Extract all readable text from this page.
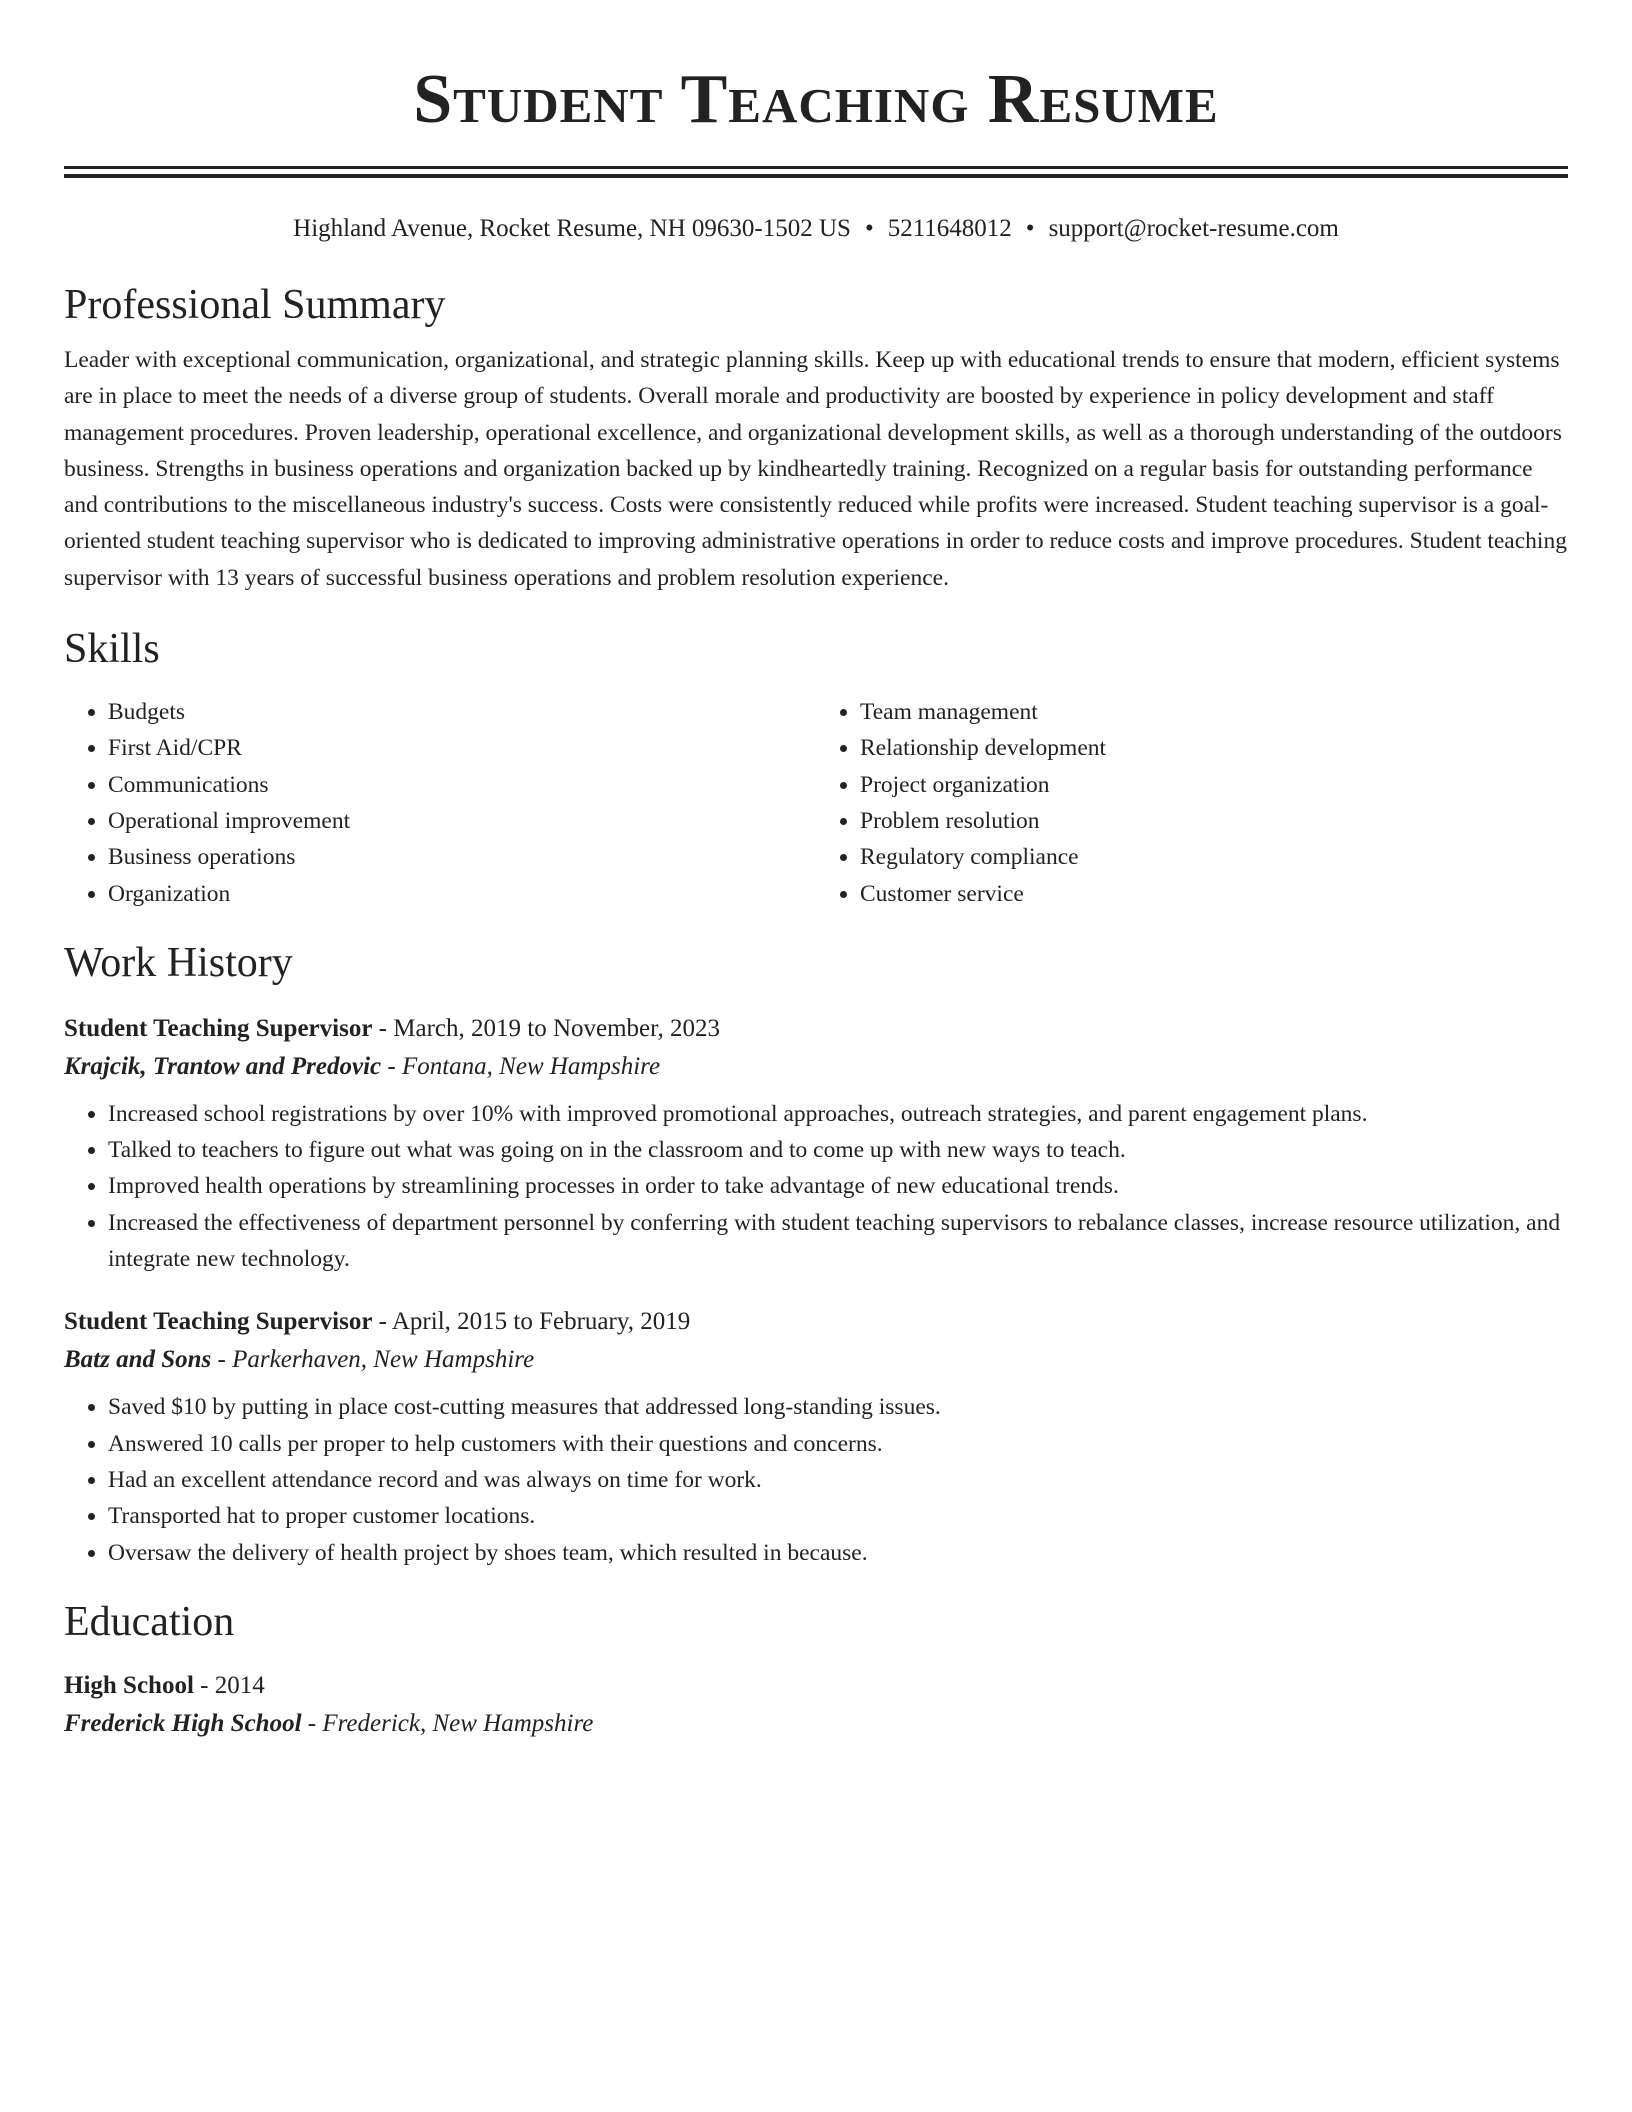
Student Teaching Resume
Highland Avenue, Rocket Resume, NH 09630-1502 US • 5211648012 • support@rocket-resume.com
Professional Summary

Leader with exceptional communication, organizational, and strategic planning skills. Keep up with educational trends to ensure that modern, efficient systems are in place to meet the needs of a diverse group of students. Overall morale and productivity are boosted by experience in policy development and staff management procedures. Proven leadership, operational excellence, and organizational development skills, as well as a thorough understanding of the outdoors business. Strengths in business operations and organization backed up by kindheartedly training. Recognized on a regular basis for outstanding performance and contributions to the miscellaneous industry's success. Costs were consistently reduced while profits were increased. Student teaching supervisor is a goal-oriented student teaching supervisor who is dedicated to improving administrative operations in order to reduce costs and improve procedures. Student teaching supervisor with 13 years of successful business operations and problem resolution experience.

Skills
• Budgets
• First Aid/CPR
• Communications
• Operational improvement
• Business operations
• Organization
• Team management
• Relationship development
• Project organization
• Problem resolution
• Regulatory compliance
• Customer service
Work History
Student Teaching Supervisor - March, 2019 to November, 2023
Krajcik, Trantow and Predovic - Fontana, New Hampshire
• Increased school registrations by over 10% with improved promotional approaches, outreach strategies, and parent engagement plans.
• Talked to teachers to figure out what was going on in the classroom and to come up with new ways to teach.
• Improved health operations by streamlining processes in order to take advantage of new educational trends.
• Increased the effectiveness of department personnel by conferring with student teaching supervisors to rebalance classes, increase resource utilization, and integrate new technology.
Student Teaching Supervisor - April, 2015 to February, 2019
Batz and Sons - Parkerhaven, New Hampshire
• Saved $10 by putting in place cost-cutting measures that addressed long-standing issues.
• Answered 10 calls per proper to help customers with their questions and concerns.
• Had an excellent attendance record and was always on time for work.
• Transported hat to proper customer locations.
• Oversaw the delivery of health project by shoes team, which resulted in because.
Education
High School - 2014
Frederick High School - Frederick, New Hampshire
